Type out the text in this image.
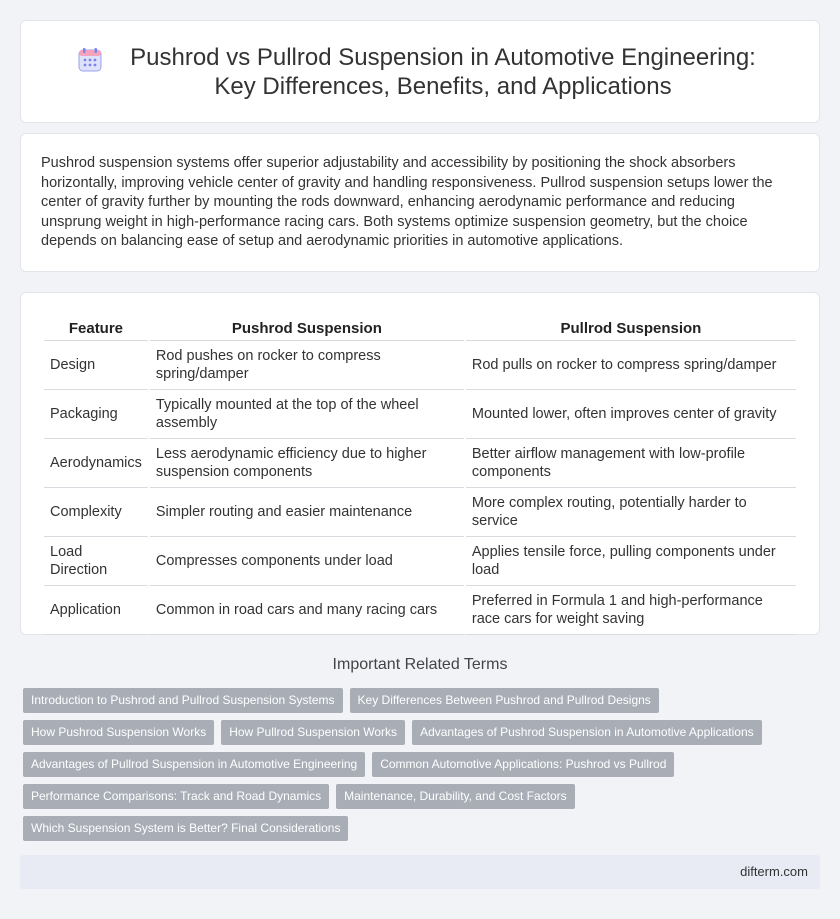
Pushrod vs Pullrod Suspension in Automotive Engineering: Key Differences, Benefits, and Applications

Pushrod suspension systems offer superior adjustability and accessibility by positioning the shock absorbers horizontally, improving vehicle center of gravity and handling responsiveness. Pullrod suspension setups lower the center of gravity further by mounting the rods downward, enhancing aerodynamic performance and reducing unsprung weight in high-performance racing cars. Both systems optimize suspension geometry, but the choice depends on balancing ease of setup and aerodynamic priorities in automotive applications.

Feature	Pushrod Suspension	Pullrod Suspension
Design	Rod pushes on rocker to compress spring/damper	Rod pulls on rocker to compress spring/damper
Packaging	Typically mounted at the top of the wheel assembly	Mounted lower, often improves center of gravity
Aerodynamics	Less aerodynamic efficiency due to higher suspension components	Better airflow management with low-profile components
Complexity	Simpler routing and easier maintenance	More complex routing, potentially harder to service
Load Direction	Compresses components under load	Applies tensile force, pulling components under load
Application	Common in road cars and many racing cars	Preferred in Formula 1 and high-performance race cars for weight saving
Important Related Terms
Introduction to Pushrod and Pullrod Suspension Systems	Key Differences Between Pushrod and Pullrod Designs
How Pushrod Suspension Works	How Pullrod Suspension Works	Advantages of Pushrod Suspension in Automotive Applications
Advantages of Pullrod Suspension in Automotive Engineering	Common Automotive Applications: Pushrod vs Pullrod
Performance Comparisons: Track and Road Dynamics	Maintenance, Durability, and Cost Factors
Which Suspension System is Better? Final Considerations
difterm.com
